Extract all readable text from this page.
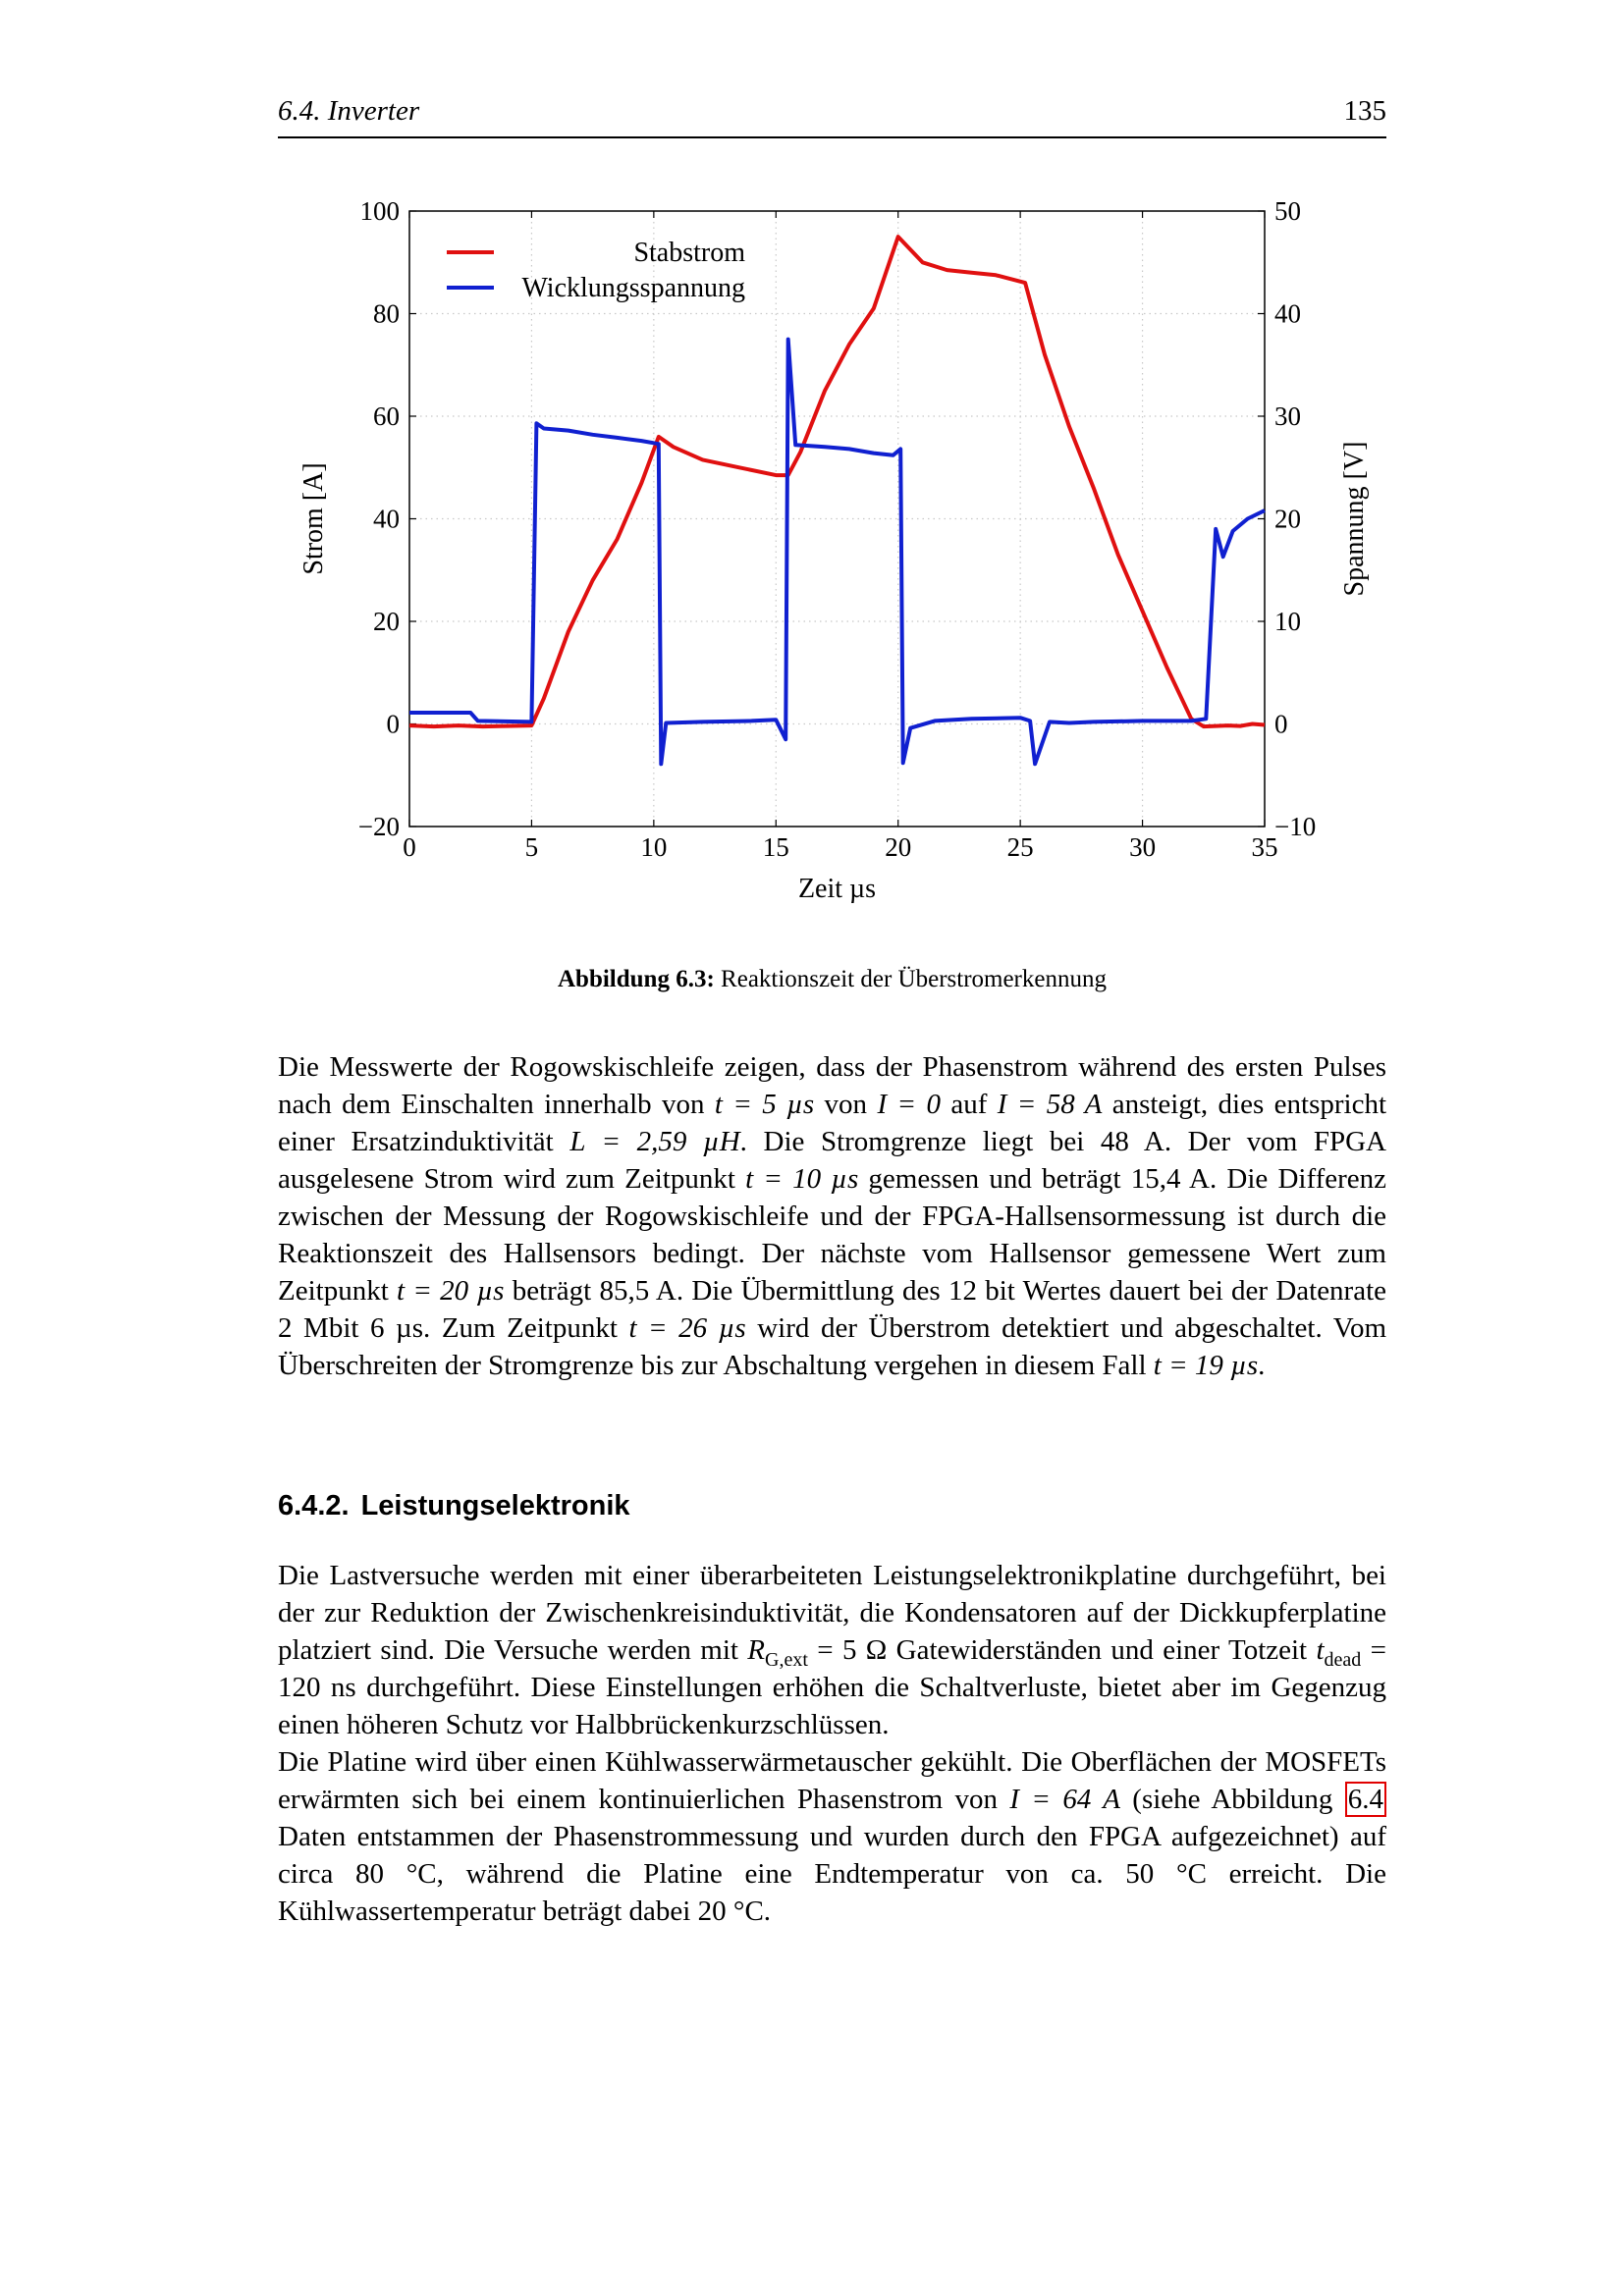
6.4. Inverter	135
0	5	10	15	20	25	30	35
−20
0
20
40
60
80
100
−10
0
10
20
30
40
50
Stabstrom
Wicklungsspannung
Zeit µs
Strom [A]	Spannung [V]
Abbildung 6.3: Reaktionszeit der Überstromerkennung

Die Messwerte der Rogowskischleife zeigen, dass der Phasenstrom während des ersten Pulses nach dem Einschalten innerhalb von t = 5 µs von I = 0 auf I = 58 A ansteigt, dies entspricht einer Ersatzinduktivität L = 2,59 µH. Die Stromgrenze liegt bei 48 A. Der vom FPGA ausgelesene Strom wird zum Zeitpunkt t = 10 µs gemessen und beträgt 15,4 A. Die Differenz zwischen der Messung der Rogowskischleife und der FPGA-Hallsensormessung ist durch die Reaktionszeit des Hallsensors bedingt. Der nächste vom Hallsensor gemessene Wert zum Zeitpunkt t = 20 µs beträgt 85,5 A. Die Übermittlung des 12 bit Wertes dauert bei der Datenrate 2 Mbit 6 µs. Zum Zeitpunkt t = 26 µs wird der Überstrom detektiert und abgeschaltet. Vom Überschreiten der Stromgrenze bis zur Abschaltung vergehen in diesem Fall t = 19 µs.

6.4.2. Leistungselektronik

Die Lastversuche werden mit einer überarbeiteten Leistungselektronikplatine durchgeführt, bei der zur Reduktion der Zwischenkreisinduktivität, die Kondensatoren auf der Dickkupferplatine platziert sind. Die Versuche werden mit $R_{G,ext} = 5$ Ω Gatewiderständen und einer Totzeit $t_{dead} = 120$ ns durchgeführt. Diese Einstellungen erhöhen die Schaltverluste, bietet aber im Gegenzug einen höheren Schutz vor Halbbrückenkurzschlüssen.

Die Platine wird über einen Kühlwasserwärmetauscher gekühlt. Die Oberflächen der MOSFETs erwärmten sich bei einem kontinuierlichen Phasenstrom von I = 64 A (siehe Abbildung 6.4 Daten entstammen der Phasenstrommessung und wurden durch den FPGA aufgezeichnet) auf circa 80 °C, während die Platine eine Endtemperatur von ca. 50 °C erreicht. Die Kühlwassertemperatur beträgt dabei 20 °C.
